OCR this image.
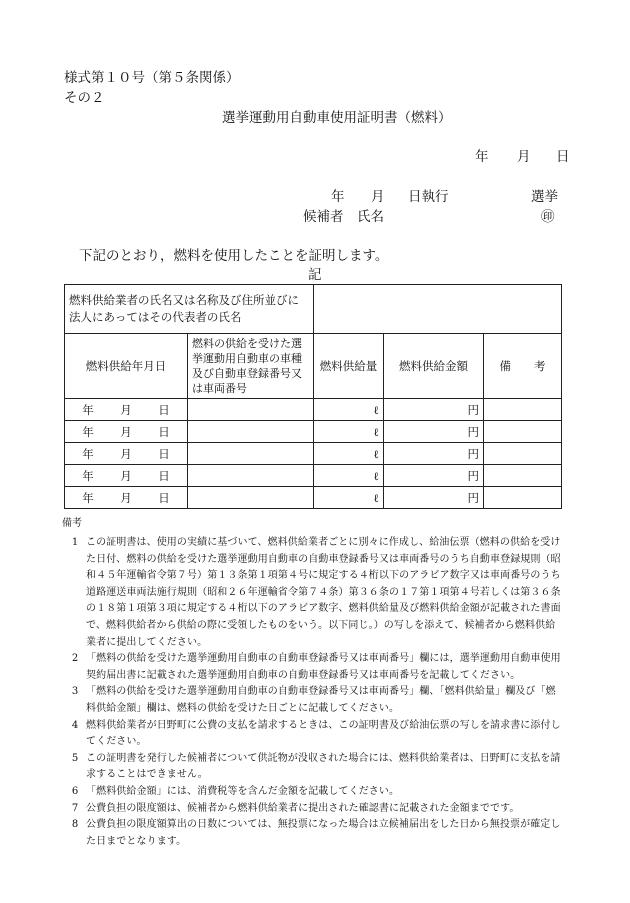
様式第１０号（第５条関係）
その２
選挙運動用自動車使用証明書（燃料）
年 月 日
年 月 日執行	選挙
候補者 氏名	㊞
下記のとおり，燃料を使用したことを証明します。
記
燃料供給業者の氏名又は名称及び住所並びに法人にあってはその代表者の氏名				
燃料供給年月日	燃料の供給を受けた選挙運動用自動車の車種及び自動車登録番号又は車両番号	燃料供給量	燃料供給金額	備　　考

年 月 日		ℓ	円	

年 月 日		ℓ	円	

年 月 日		ℓ	円	

年 月 日		ℓ	円	

年 月 日		ℓ	円	
備考
1 この証明書は、使用の実績に基づいて、燃料供給業者ごとに別々に作成し、給油伝票（燃料の供給を受けた日付、燃料の供給を受けた選挙運動用自動車の自動車登録番号又は車両番号のうち自動車登録規則（昭和４５年運輸省令第７号）第１３条第１項第４号に規定する４桁以下のアラビア数字又は車両番号のうち道路運送車両法施行規則（昭和２６年運輸省令第７４条）第３６条の１７第１項第４号若しくは第３６条の１８第１項第３項に規定する４桁以下のアラビア数字、燃料供給量及び燃料供給金額が記載された書面で、燃料供給者から供給の際に受領したものをいう。以下同じ。）の写しを添えて、候補者から燃料供給業者に提出してください。
2 「燃料の供給を受けた選挙運動用自動車の自動車登録番号又は車両番号」欄には，選挙運動用自動車使用契約届出書に記載された選挙運動用自動車の自動車登録番号又は車両番号を記載してください。
3 「燃料の供給を受けた選挙運動用自動車の自動車登録番号又は車両番号」欄、「燃料供給量」欄及び「燃料供給金額」欄は、燃料の供給を受けた日ごとに記載してください。
4 燃料供給業者が日野町に公費の支払を請求するときは、この証明書及び給油伝票の写しを請求書に添付してください。
5 この証明書を発行した候補者について供託物が没収された場合には、燃料供給業者は、日野町に支払を請求することはできません。
6 「燃料供給金額」には、消費税等を含んだ金額を記載してください。
7 公費負担の限度額は、候補者から燃料供給業者に提出された確認書に記載された金額までです。
8 公費負担の限度額算出の日数については、無投票になった場合は立候補届出をした日から無投票が確定した日までとなります。
